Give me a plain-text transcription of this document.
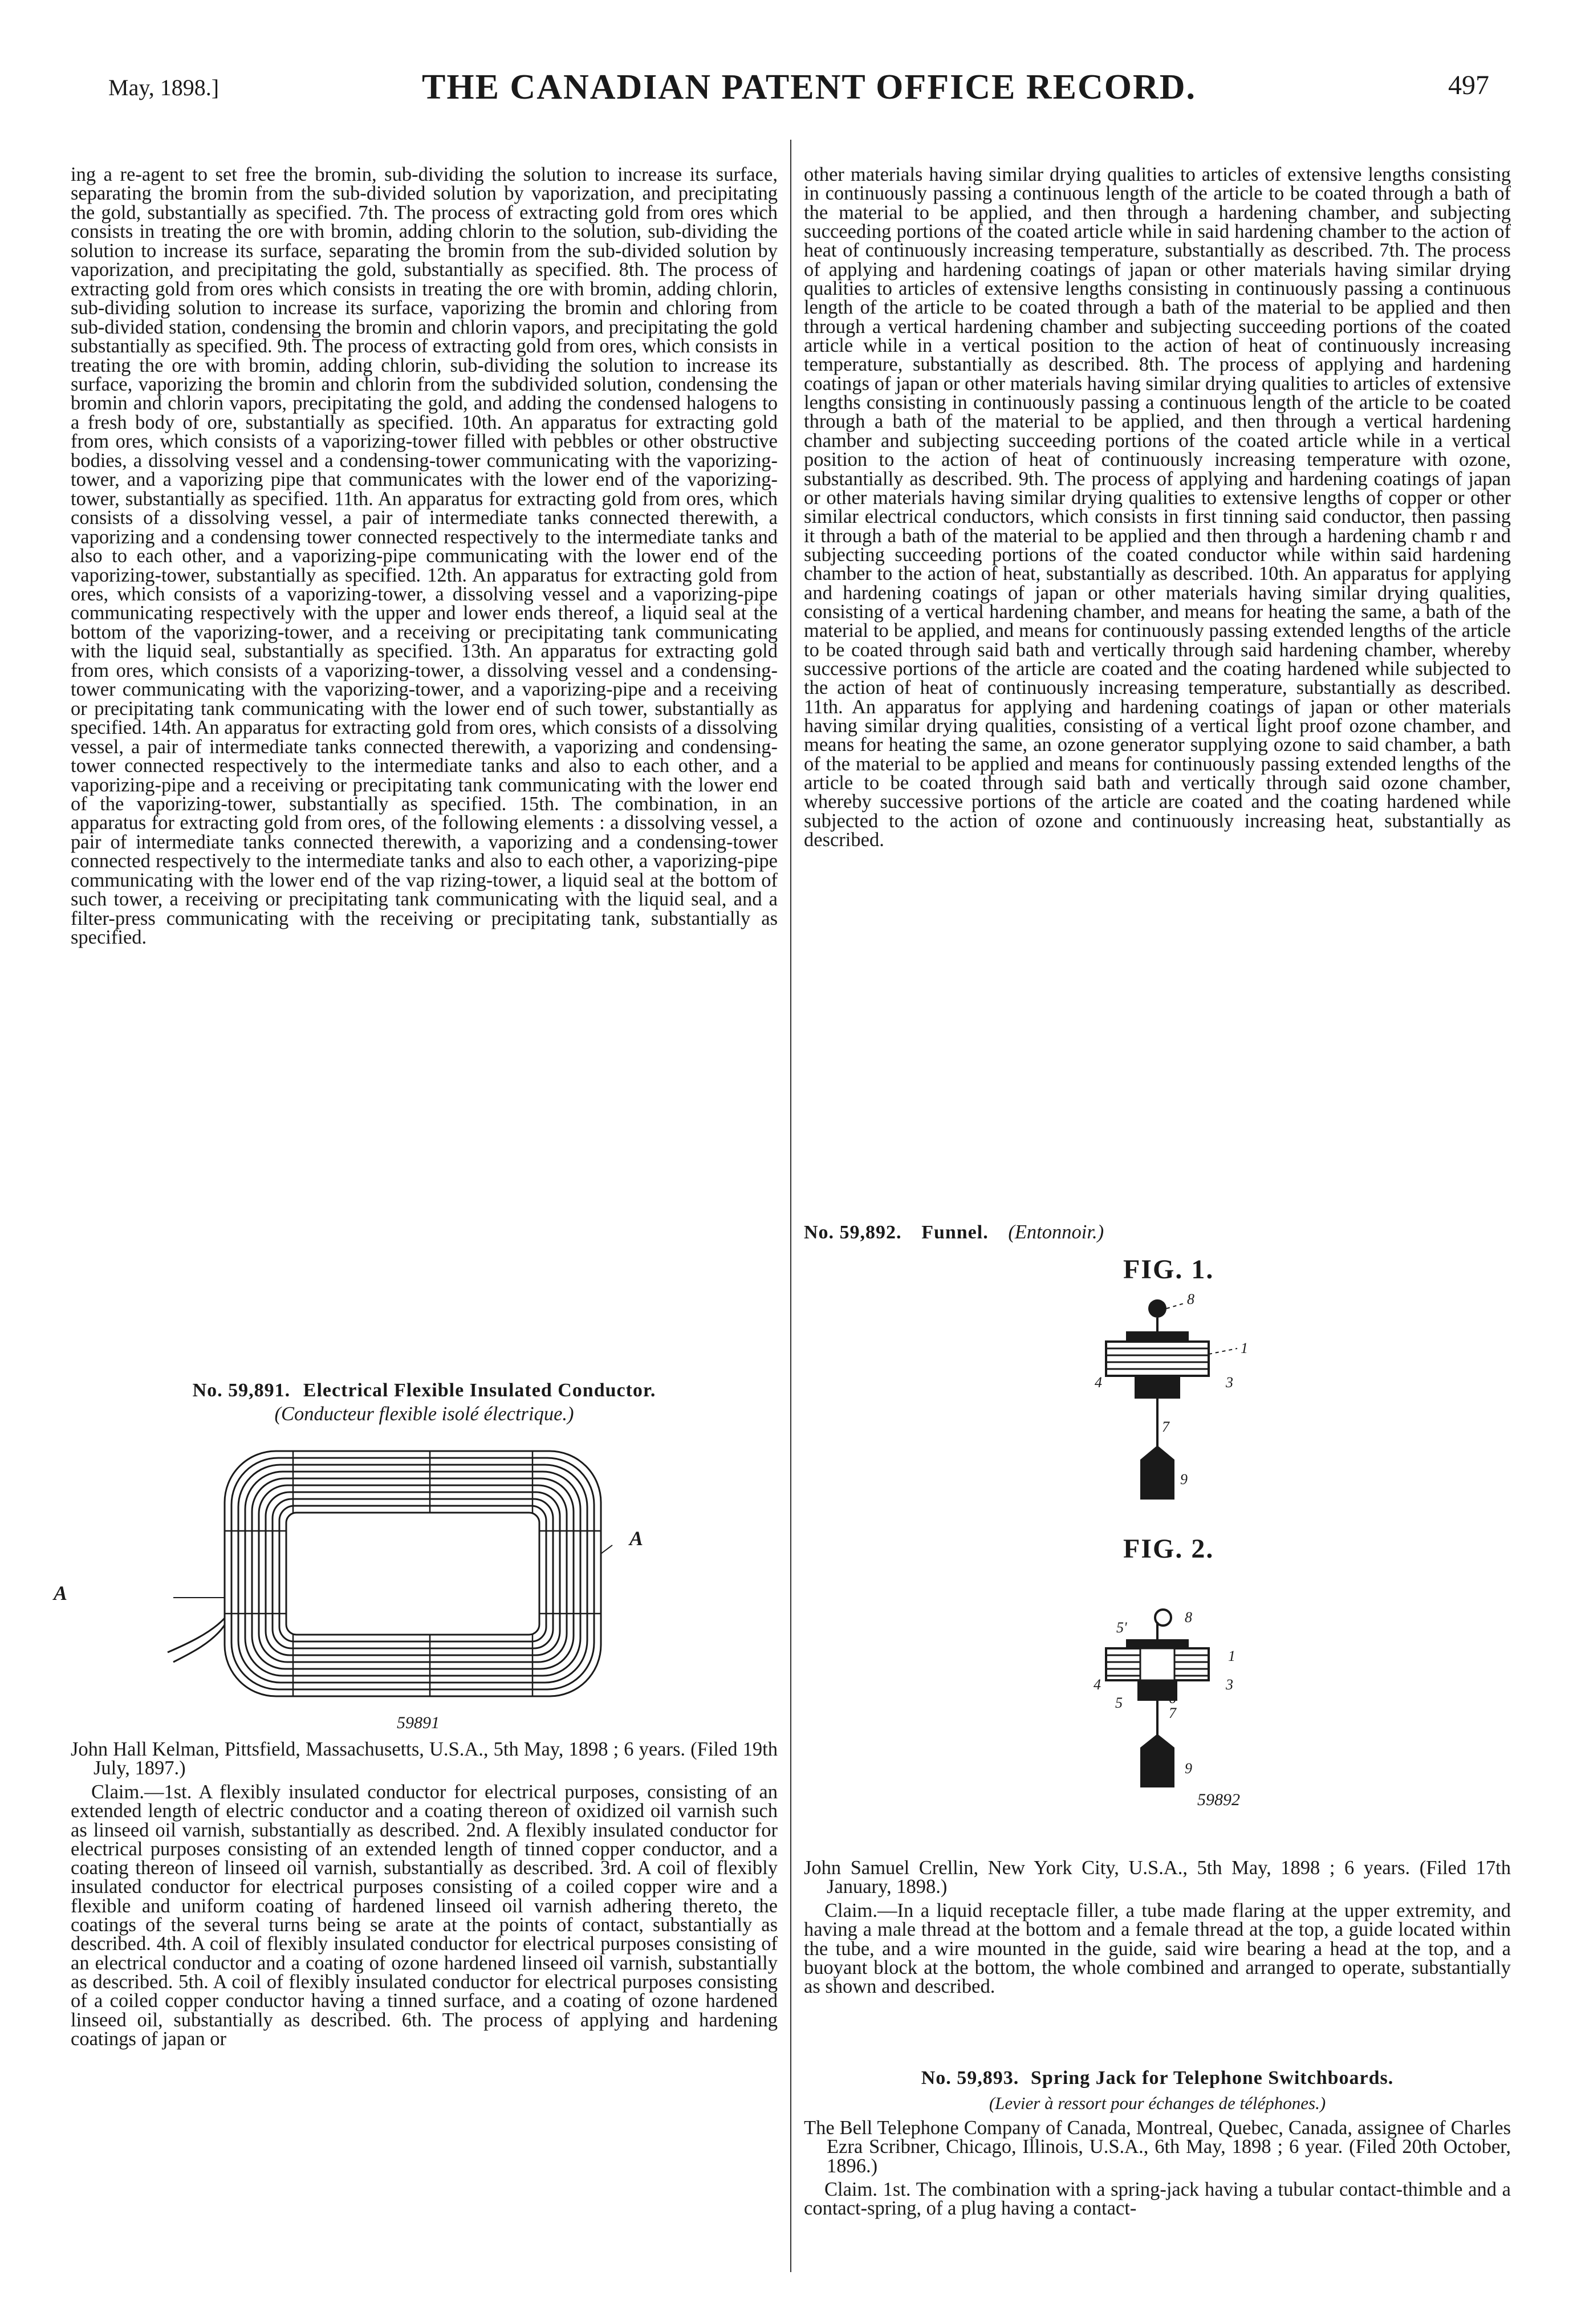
May, 1898.]	THE CANADIAN PATENT OFFICE RECORD.	497

ing a re-agent to set free the bromin, sub-dividing the solution to increase its surface, separating the bromin from the sub-divided solution by vaporization, and precipitating the gold, substantially as specified. 7th. The process of extracting gold from ores which consists in treating the ore with bromin, adding chlorin to the solution, sub-dividing the solution to increase its surface, separating the bromin from the sub-divided solution by vaporization, and precipitating the gold, substantially as specified. 8th. The process of extracting gold from ores which consists in treating the ore with bromin, adding chlorin, sub-dividing solution to increase its surface, vaporizing the bromin and chloring from sub-divided station, condensing the bromin and chlorin vapors, and precipitating the gold substantially as specified. 9th. The process of extracting gold from ores, which consists in treating the ore with bromin, adding chlorin, sub-dividing the solution to increase its surface, vaporizing the bromin and chlorin from the subdivided solution, condensing the bromin and chlorin vapors, precipitating the gold, and adding the condensed halogens to a fresh body of ore, substantially as specified. 10th. An apparatus for extracting gold from ores, which consists of a vaporizing-tower filled with pebbles or other obstructive bodies, a dissolving vessel and a condensing-tower communicating with the vaporizing-tower, and a vaporizing pipe that communicates with the lower end of the vaporizing-tower, substantially as specified. 11th. An apparatus for extracting gold from ores, which consists of a dissolving vessel, a pair of intermediate tanks connected therewith, a vaporizing and a condensing tower connected respectively to the intermediate tanks and also to each other, and a vaporizing-pipe communicating with the lower end of the vaporizing-tower, substantially as specified. 12th. An apparatus for extracting gold from ores, which consists of a vaporizing-tower, a dissolving vessel and a vaporizing-pipe communicating respectively with the upper and lower ends thereof, a liquid seal at the bottom of the vaporizing-tower, and a receiving or precipitating tank communicating with the liquid seal, substantially as specified. 13th. An apparatus for extracting gold from ores, which consists of a vaporizing-tower, a dissolving vessel and a condensing-tower communicating with the vaporizing-tower, and a vaporizing-pipe and a receiving or precipitating tank communicating with the lower end of such tower, substantially as specified. 14th. An apparatus for extracting gold from ores, which consists of a dissolving vessel, a pair of intermediate tanks connected therewith, a vaporizing and condensing-tower connected respectively to the intermediate tanks and also to each other, and a vaporizing-pipe and a receiving or precipitating tank communicating with the lower end of the vaporizing-tower, substantially as specified. 15th. The combination, in an apparatus for extracting gold from ores, of the following elements : a dissolving vessel, a pair of intermediate tanks connected therewith, a vaporizing and a condensing-tower connected respectively to the intermediate tanks and also to each other, a vaporizing-pipe communicating with the lower end of the vap rizing-tower, a liquid seal at the bottom of such tower, a receiving or precipitating tank communicating with the liquid seal, and a filter-press communicating with the receiving or precipitating tank, substantially as specified.

No. 59,891. Electrical Flexible Insulated Conductor.
(Conducteur flexible isolé électrique.)
A
A
59891

John Hall Kelman, Pittsfield, Massachusetts, U.S.A., 5th May, 1898 ; 6 years. (Filed 19th July, 1897.)

Claim.—1st. A flexibly insulated conductor for electrical purposes, consisting of an extended length of electric conductor and a coating thereon of oxidized oil varnish such as linseed oil varnish, substantially as described. 2nd. A flexibly insulated conductor for electrical purposes consisting of an extended length of tinned copper conductor, and a coating thereon of linseed oil varnish, substantially as described. 3rd. A coil of flexibly insulated conductor for electrical purposes consisting of a coiled copper wire and a flexible and uniform coating of hardened linseed oil varnish adhering thereto, the coatings of the several turns being se arate at the points of contact, substantially as described. 4th. A coil of flexibly insulated conductor for electrical purposes consisting of an electrical conductor and a coating of ozone hardened linseed oil varnish, substantially as described. 5th. A coil of flexibly insulated conductor for electrical purposes consisting of a coiled copper conductor having a tinned surface, and a coating of ozone hardened linseed oil, substantially as described. 6th. The process of applying and hardening coatings of japan or

other materials having similar drying qualities to articles of extensive lengths consisting in continuously passing a continuous length of the article to be coated through a bath of the material to be applied, and then through a hardening chamber, and subjecting succeeding portions of the coated article while in said hardening chamber to the action of heat of continuously increasing temperature, substantially as described. 7th. The process of applying and hardening coatings of japan or other materials having similar drying qualities to articles of extensive lengths consisting in continuously passing a continuous length of the article to be coated through a bath of the material to be applied and then through a vertical hardening chamber and subjecting succeeding portions of the coated article while in a vertical position to the action of heat of continuously increasing temperature, substantially as described. 8th. The process of applying and hardening coatings of japan or other materials having similar drying qualities to articles of extensive lengths consisting in continuously passing a continuous length of the article to be coated through a bath of the material to be applied, and then through a vertical hardening chamber and subjecting succeeding portions of the coated article while in a vertical position to the action of heat of continuously increasing temperature with ozone, substantially as described. 9th. The process of applying and hardening coatings of japan or other materials having similar drying qualities to extensive lengths of copper or other similar electrical conductors, which consists in first tinning said conductor, then passing it through a bath of the material to be applied and then through a hardening chamb r and subjecting succeeding portions of the coated conductor while within said hardening chamber to the action of heat, substantially as described. 10th. An apparatus for applying and hardening coatings of japan or other materials having similar drying qualities, consisting of a vertical hardening chamber, and means for heating the same, a bath of the material to be applied, and means for continuously passing extended lengths of the article to be coated through said bath and vertically through said hardening chamber, whereby successive portions of the article are coated and the coating hardened while subjected to the action of heat of continuously increasing temperature, substantially as described. 11th. An apparatus for applying and hardening coatings of japan or other materials having similar drying qualities, consisting of a vertical light proof ozone chamber, and means for heating the same, an ozone generator supplying ozone to said chamber, a bath of the material to be applied and means for continuously passing extended lengths of the article to be coated through said bath and vertically through said ozone chamber, whereby successive portions of the article are coated and the coating hardened while subjected to the action of ozone and continuously increasing heat, substantially as described.

No. 59,892. Funnel. (Entonnoir.)
FIG. 1.
8
1
4	3
7
9
FIG. 2.
5'
8
1
4	3
5	6
7
9
59892

John Samuel Crellin, New York City, U.S.A., 5th May, 1898 ; 6 years. (Filed 17th January, 1898.)

Claim.—In a liquid receptacle filler, a tube made flaring at the upper extremity, and having a male thread at the bottom and a female thread at the top, a guide located within the tube, and a wire mounted in the guide, said wire bearing a head at the top, and a buoyant block at the bottom, the whole combined and arranged to operate, substantially as shown and described.

No. 59,893. Spring Jack for Telephone Switchboards.
(Levier à ressort pour échanges de téléphones.)

The Bell Telephone Company of Canada, Montreal, Quebec, Canada, assignee of Charles Ezra Scribner, Chicago, Illinois, U.S.A., 6th May, 1898 ; 6 year. (Filed 20th October, 1896.)

Claim. 1st. The combination with a spring-jack having a tubular contact-thimble and a contact-spring, of a plug having a contact-
